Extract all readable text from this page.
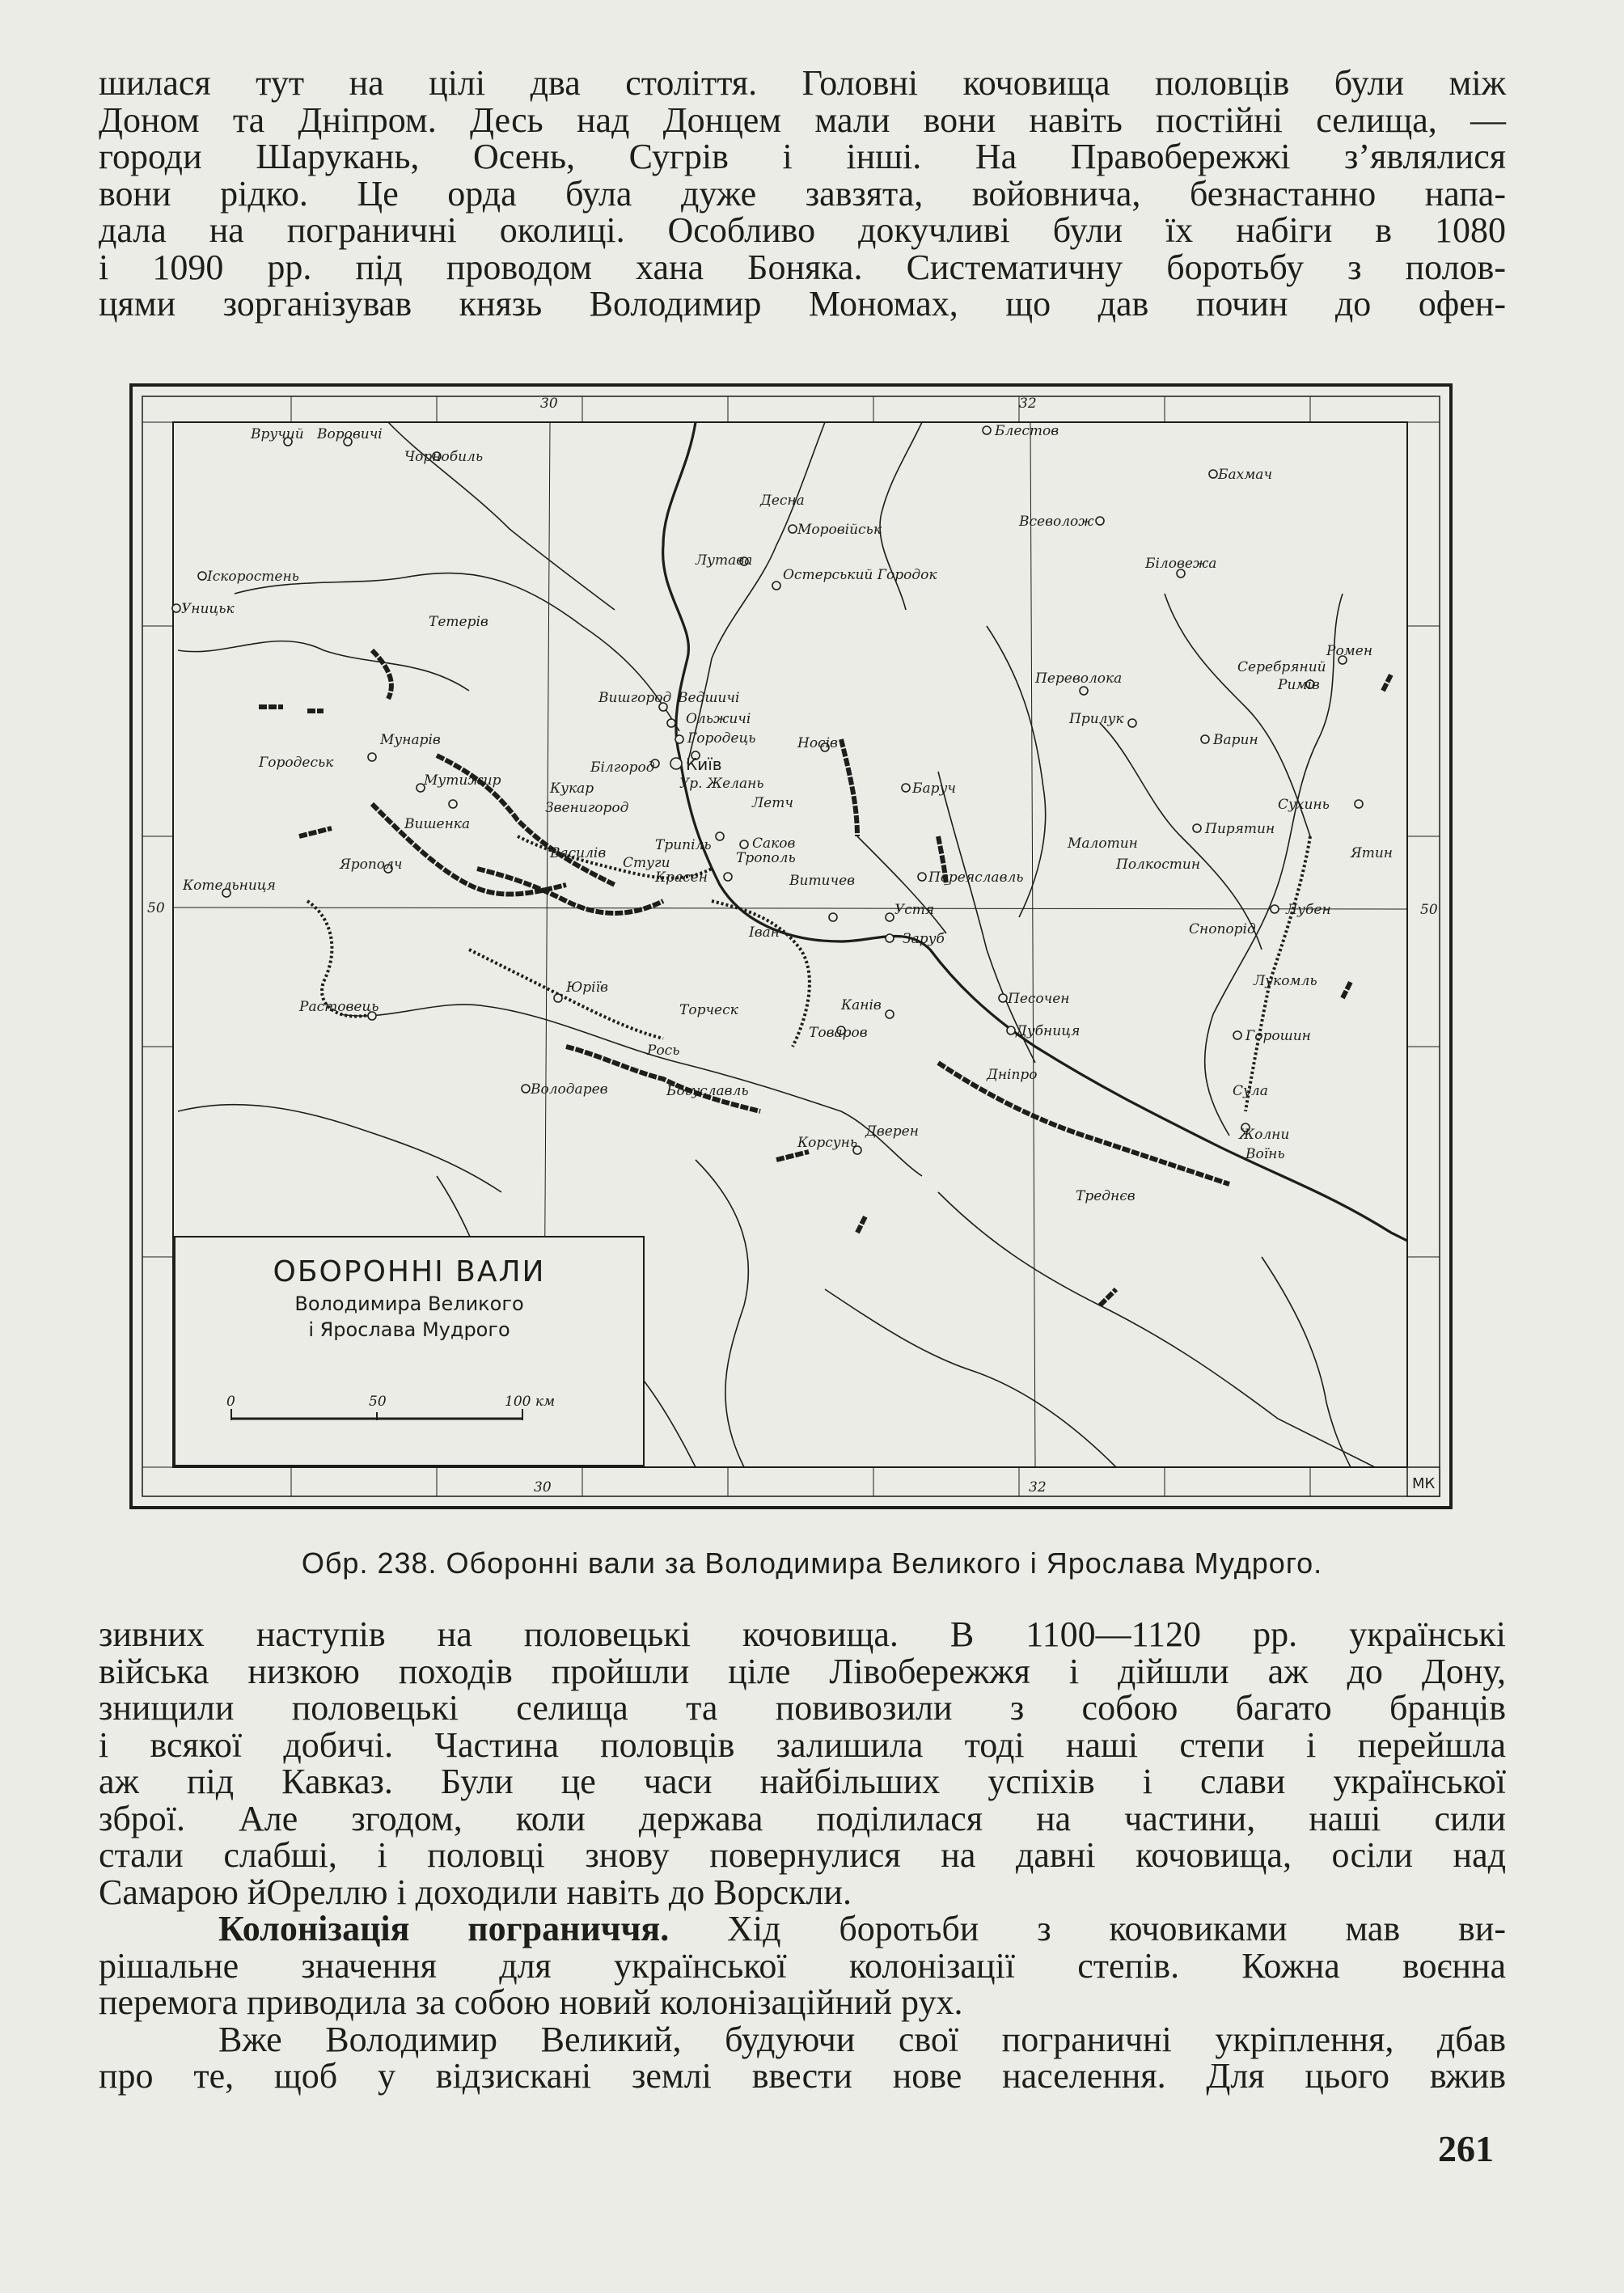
шилася тут на цілі два століття. Головні кочовища половців були між

Доном та Дніпром. Десь над Донцем мали вони навіть постійні селища, —

городи Шарукань, Осень, Сугрів і інші. На Правобережжі з’являлися

вони рідко. Це орда була дуже завзята, войовнича, безнастанно напа-

дала на пограничні околиці. Особливо докучливі були їх набіги в 1080

і 1090 рр. під проводом хана Боняка. Систематичну боротьбу з полов-

цями зорганізував князь Володимир Мономах, що дав почин до офен-

30	32
30	32
50	50
Вручий Воровичі
Чорнобиль
Блестов
Бахмач
Моровійськ	Всеволож
Лутава
Остерський Городок
Біловежа
Іскоростень
Уницьк
Тетерів
Ромен
Серебряний
Римів
Переволока
Прилук
Варин
Вишгород Ведшичі
Ольжичі
Городець	Носів
Білгород Київ
Ур. Желань
Мунарів
Городеськ
Мутижир	Кукар
Звенигород	Летч
Баруч
Пирятин
Сухинь
Вишенка
Трипіль	Саков
Трополь
Малотин
Полкостин
Ятин
Ярополч
Котельниця
Василів
Стуги
Красен	Витичев	Переяславль
Іван
Устя
Заруб
Лубен
Снопорід
Лукомль
Юріїв
Торческ	Канів	Песочен
Растовець
Рось
Товаров	Дубниця	Горошин
Володарев	Богуславль
Корсунь
Дверен	Жолни
Воїнь
Треднєв
Сула
Десна
Дніпро
ОБОРОННІ ВАЛИ
Володимира Великого
і Ярослава Мудрого
0	50	100 км
МК
Обр. 238. Оборонні вали за Володимира Великого і Ярослава Мудрого.

зивних наступів на половецькі кочовища. В 1100—1120 рр. українські

війська низкою походів пройшли ціле Лівобережжя і дійшли аж до Дону,

знищили половецькі селища та повивозили з собою багато бранців

і всякої добичі. Частина половців залишила тоді наші степи і перейшла

аж під Кавказ. Були це часи найбільших успіхів і слави української

зброї. Але згодом, коли держава поділилася на частини, наші сили

стали слабші, і половці знову повернулися на давні кочовища, осіли над

Самарою йОреллю і доходили навіть до Ворскли.

Колонізація пограниччя. Хід боротьби з кочовиками мав ви-

рішальне значення для української колонізації степів. Кожна воєнна

перемога приводила за собою новий колонізаційний рух.

Вже Володимир Великий, будуючи свої пограничні укріплення, дбав

про те, щоб у відзискані землі ввести нове населення. Для цього вжив

261
